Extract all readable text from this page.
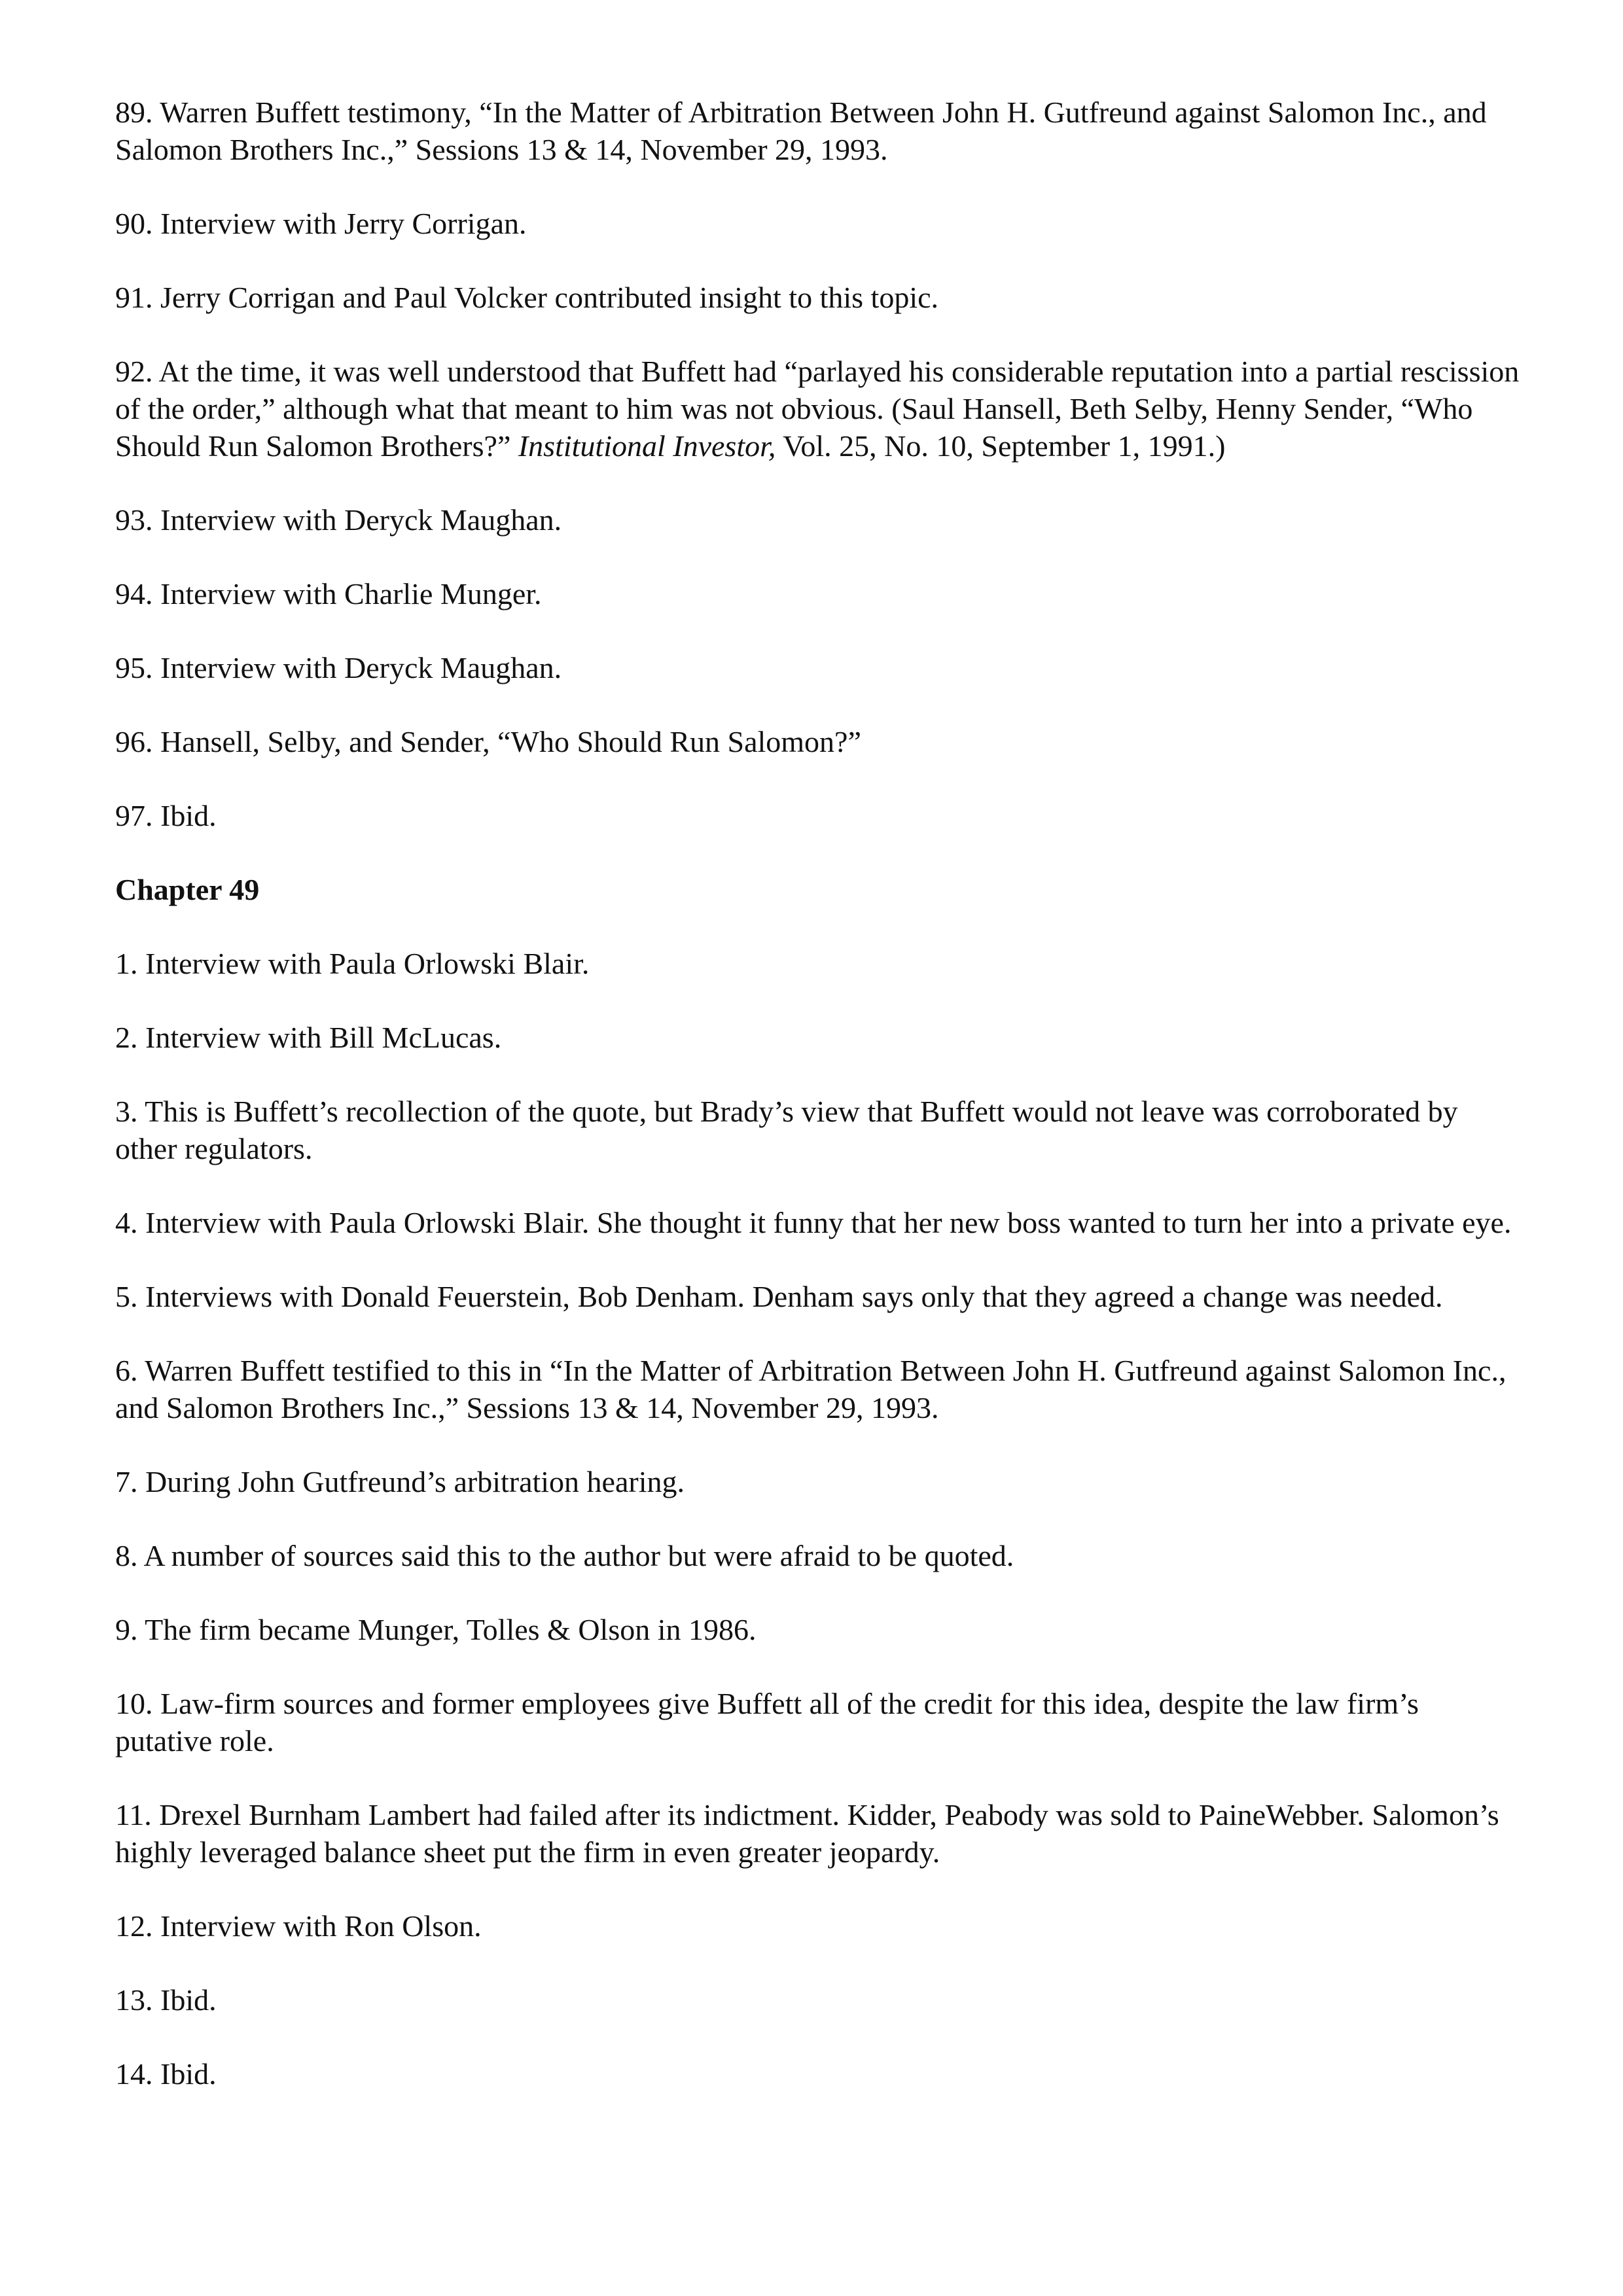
89. Warren Buffett testimony, “In the Matter of Arbitration Between John H. Gutfreund against Salomon Inc., and Salomon Brothers Inc.,” Sessions 13 & 14, November 29, 1993.

90. Interview with Jerry Corrigan.

91. Jerry Corrigan and Paul Volcker contributed insight to this topic.

92. At the time, it was well understood that Buffett had “parlayed his considerable reputation into a partial rescission of the order,” although what that meant to him was not obvious. (Saul Hansell, Beth Selby, Henny Sender, “Who Should Run Salomon Brothers?” Institutional Investor, Vol. 25, No. 10, September 1, 1991.)

93. Interview with Deryck Maughan.

94. Interview with Charlie Munger.

95. Interview with Deryck Maughan.

96. Hansell, Selby, and Sender, “Who Should Run Salomon?”

97. Ibid.

Chapter 49

1. Interview with Paula Orlowski Blair.

2. Interview with Bill McLucas.

3. This is Buffett’s recollection of the quote, but Brady’s view that Buffett would not leave was corroborated by other regulators.

4. Interview with Paula Orlowski Blair. She thought it funny that her new boss wanted to turn her into a private eye.

5. Interviews with Donald Feuerstein, Bob Denham. Denham says only that they agreed a change was needed.

6. Warren Buffett testified to this in “In the Matter of Arbitration Between John H. Gutfreund against Salomon Inc., and Salomon Brothers Inc.,” Sessions 13 & 14, November 29, 1993.

7. During John Gutfreund’s arbitration hearing.

8. A number of sources said this to the author but were afraid to be quoted.

9. The firm became Munger, Tolles & Olson in 1986.

10. Law-firm sources and former employees give Buffett all of the credit for this idea, despite the law firm’s putative role.

11. Drexel Burnham Lambert had failed after its indictment. Kidder, Peabody was sold to PaineWebber. Salomon’s highly leveraged balance sheet put the firm in even greater jeopardy.

12. Interview with Ron Olson.

13. Ibid.

14. Ibid.
